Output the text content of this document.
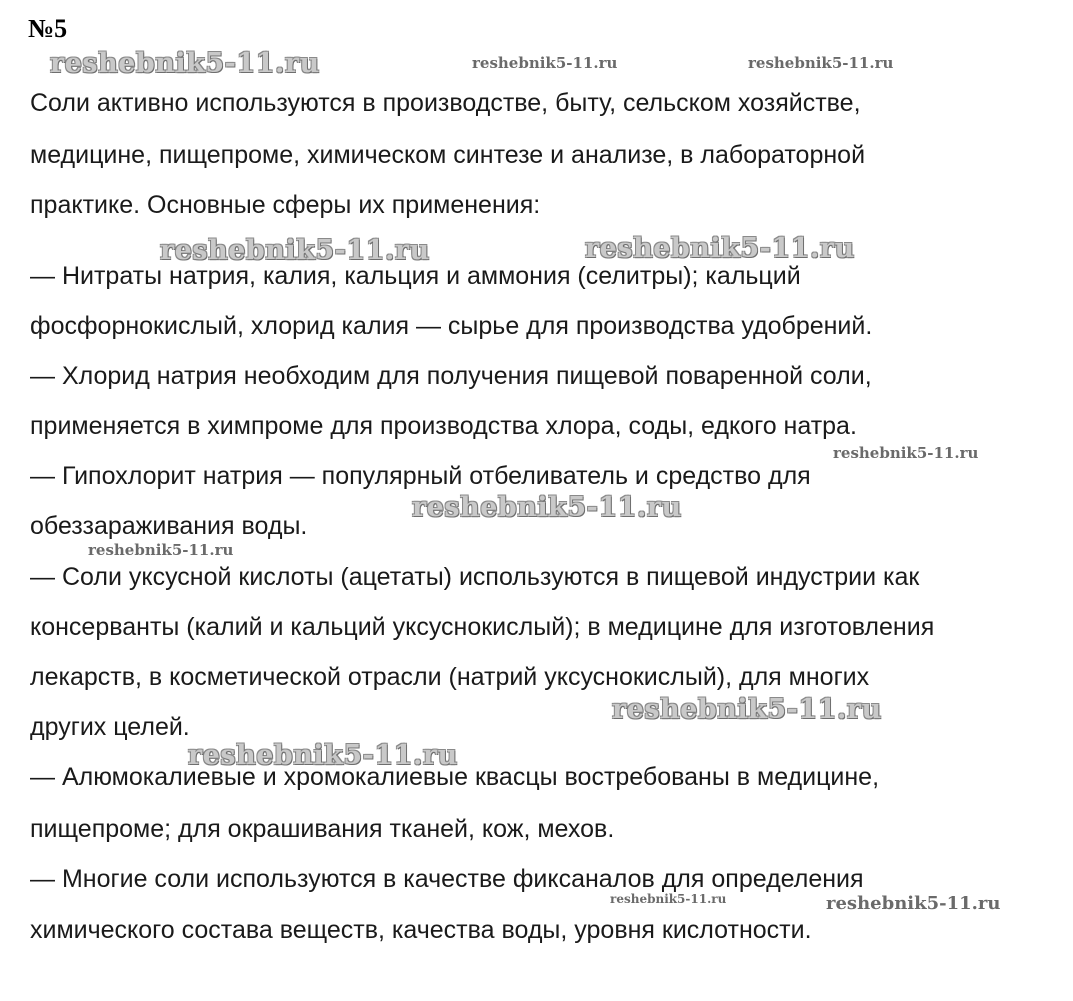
№5
reshebnik5-11.ru	reshebnik5-11.ru	reshebnik5-11.ru
reshebnik5-11.ru	reshebnik5-11.ru
reshebnik5-11.ru
reshebnik5-11.ru
reshebnik5-11.ru
reshebnik5-11.ru
reshebnik5-11.ru
reshebnik5-11.ru	reshebnik5-11.ru
Соли активно используются в производстве, быту, сельском хозяйстве,
медицине, пищепроме, химическом синтезе и анализе, в лабораторной
практике. Основные сферы их применения:
— Нитраты натрия, калия, кальция и аммония (селитры); кальций
фосфорнокислый, хлорид калия — сырье для производства удобрений.
— Хлорид натрия необходим для получения пищевой поваренной соли,
применяется в химпроме для производства хлора, соды, едкого натра.
— Гипохлорит натрия — популярный отбеливатель и средство для
обеззараживания воды.
— Соли уксусной кислоты (ацетаты) используются в пищевой индустрии как
консерванты (калий и кальций уксуснокислый); в медицине для изготовления
лекарств, в косметической отрасли (натрий уксуснокислый), для многих
других целей.
— Алюмокалиевые и хромокалиевые квасцы востребованы в медицине,
пищепроме; для окрашивания тканей, кож, мехов.
— Многие соли используются в качестве фиксаналов для определения
химического состава веществ, качества воды, уровня кислотности.
